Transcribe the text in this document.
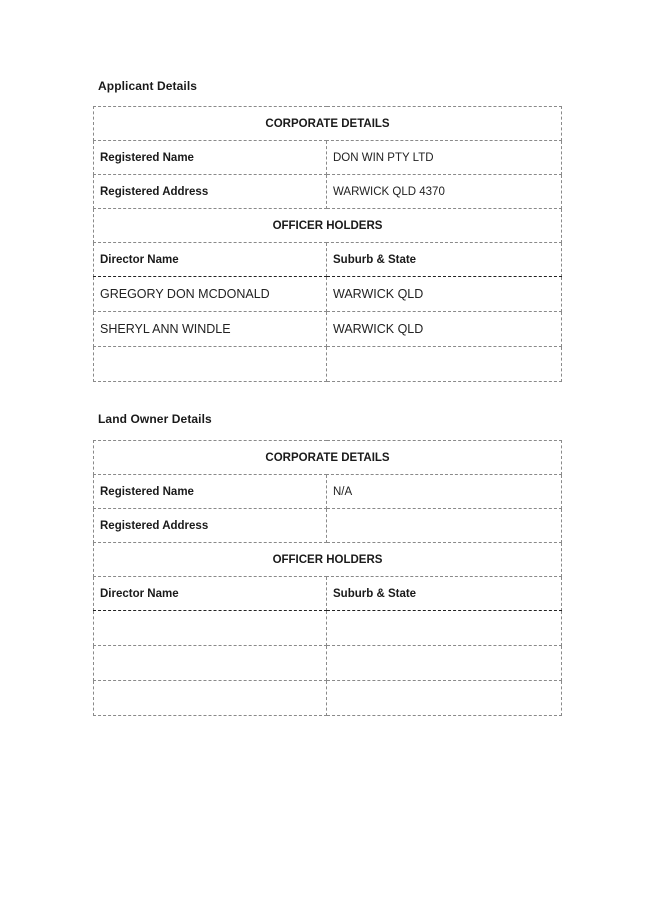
Applicant Details
CORPORATE DETAILS	
Registered Name	DON WIN PTY LTD
Registered Address	WARWICK QLD 4370
OFFICER HOLDERS	
Director Name	Suburb & State
GREGORY DON MCDONALD	WARWICK QLD
SHERYL ANN WINDLE	WARWICK QLD

Land Owner Details
CORPORATE DETAILS	
Registered Name	N/A
Registered Address	
OFFICER HOLDERS	
Director Name	Suburb & State
